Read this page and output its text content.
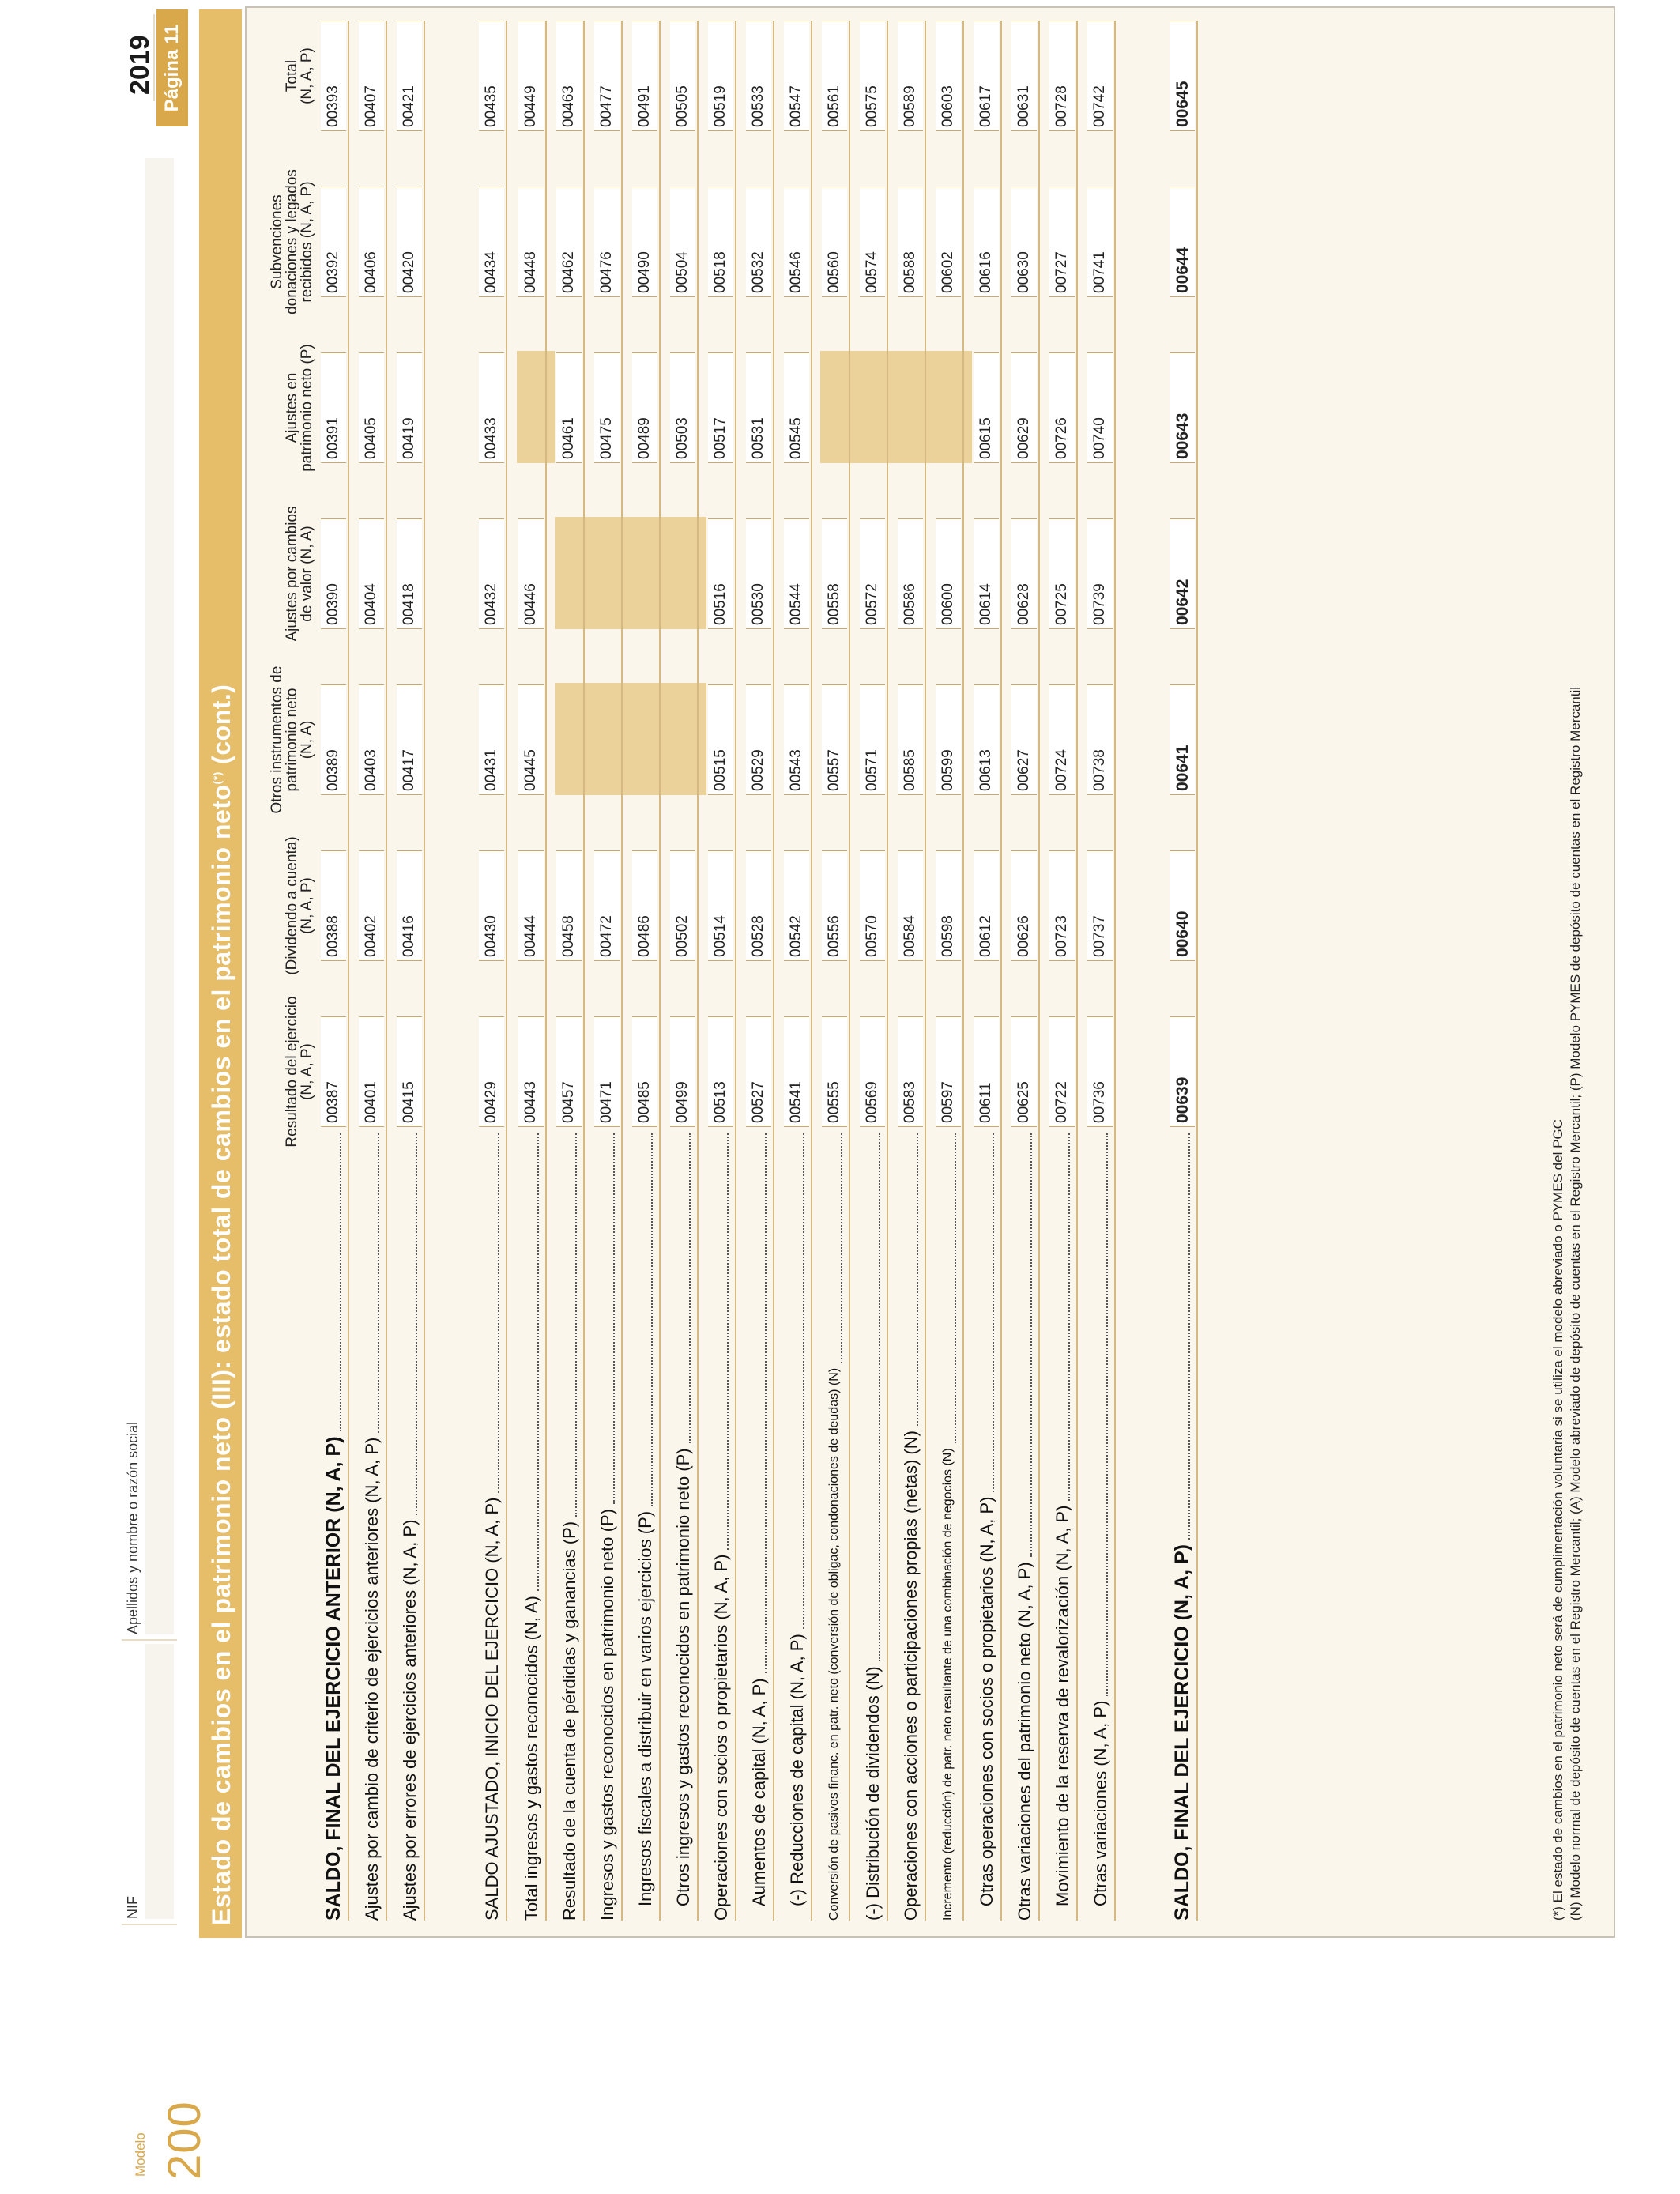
Modelo 200
NIF
Apellidos y nombre o razón social
2019 Página 11
Estado de cambios en el patrimonio neto (III): estado total de cambios en el patrimonio neto(*) (cont.)
Resultado del ejercicio
(N, A, P)
(Dividendo a cuenta)
(N, A, P)
Otros instrumentos de
patrimonio neto
(N, A)
Ajustes por cambios
de valor (N, A)
Ajustes en
patrimonio neto (P)
Subvenciones
donaciones y legados
recibidos (N, A, P)
Total
(N, A, P)
SALDO, FINAL DEL EJERCICIO ANTERIOR (N, A, P)
00387
00388
00389
00390
00391
00392
00393
Ajustes por cambio de criterio de ejercicios anteriores (N, A, P)
00401
00402
00403
00404
00405
00406
00407
Ajustes por errores de ejercicios anteriores (N, A, P)
00415
00416
00417
00418
00419
00420
00421
SALDO AJUSTADO, INICIO DEL EJERCICIO (N, A, P)
00429
00430
00431
00432
00433
00434
00435
Total ingresos y gastos reconocidos (N, A)
00443
00444
00445
00446
00448
00449
Resultado de la cuenta de pérdidas y ganancias (P)
00457
00458
00461
00462
00463
Ingresos y gastos reconocidos en patrimonio neto (P)
00471
00472
00475
00476
00477
Ingresos fiscales a distribuir en varios ejercicios (P)
00485
00486
00489
00490
00491
Otros ingresos y gastos reconocidos en patrimonio neto (P)
00499
00502
00503
00504
00505
Operaciones con socios o propietarios (N, A, P)
00513
00514
00515
00516
00517
00518
00519
Aumentos de capital (N, A, P)
00527
00528
00529
00530
00531
00532
00533
(-) Reducciones de capital (N, A, P)
00541
00542
00543
00544
00545
00546
00547
Conversión de pasivos financ. en patr. neto (conversión de obligac, condonaciones de deudas) (N)
00555
00556
00557
00558
00560
00561
(-) Distribución de dividendos (N)
00569
00570
00571
00572
00574
00575
Operaciones con acciones o participaciones propias (netas) (N)
00583
00584
00585
00586
00588
00589
Incremento (reducción) de patr. neto resultante de una combinación de negocios (N)
00597
00598
00599
00600
00602
00603
Otras operaciones con socios o propietarios (N, A, P)
00611
00612
00613
00614
00615
00616
00617
Otras variaciones del patrimonio neto (N, A, P)
00625
00626
00627
00628
00629
00630
00631
Movimiento de la reserva de revalorización (N, A, P)
00722
00723
00724
00725
00726
00727
00728
Otras variaciones (N, A, P)
00736
00737
00738
00739
00740
00741
00742
SALDO, FINAL DEL EJERCICIO (N, A, P)
00639
00640
00641
00642
00643
00644
00645
(*) El estado de cambios en el patrimonio neto será de cumplimentación voluntaria si se utiliza el modelo abreviado o PYMES del PGC (N) Modelo normal de depósito de cuentas en el Registro Mercantil; (A) Modelo abreviado de depósito de cuentas en el Registro Mercantil; (P) Modelo PYMES de depósito de cuentas en el Registro Mercantil
